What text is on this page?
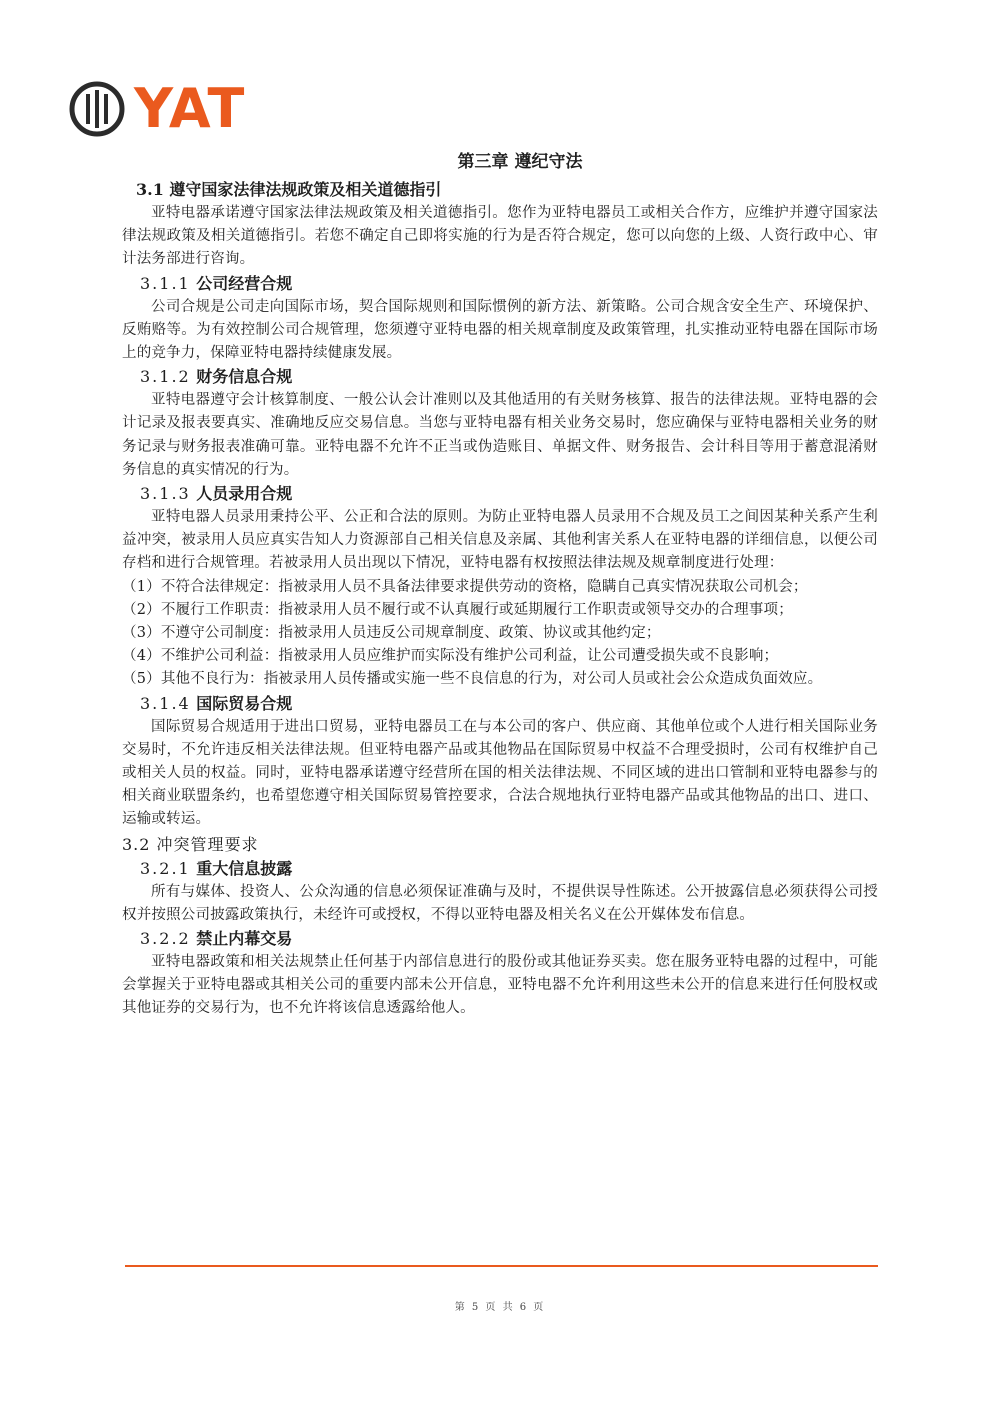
YAT
第三章 遵纪守法
3.1 遵守国家法律法规政策及相关道德指引
亚特电器承诺遵守国家法律法规政策及相关道德指引。您作为亚特电器员工或相关合作方，应维护并遵守国家法律法规政策及相关道德指引。若您不确定自己即将实施的行为是否符合规定，您可以向您的上级、人资行政中心、审计法务部进行咨询。
3.1.1 公司经营合规
公司合规是公司走向国际市场，契合国际规则和国际惯例的新方法、新策略。公司合规含安全生产、环境保护、反贿赂等。为有效控制公司合规管理，您须遵守亚特电器的相关规章制度及政策管理，扎实推动亚特电器在国际市场上的竞争力，保障亚特电器持续健康发展。
3.1.2 财务信息合规
亚特电器遵守会计核算制度、一般公认会计准则以及其他适用的有关财务核算、报告的法律法规。亚特电器的会计记录及报表要真实、准确地反应交易信息。当您与亚特电器有相关业务交易时，您应确保与亚特电器相关业务的财务记录与财务报表准确可靠。亚特电器不允许不正当或伪造账目、单据文件、财务报告、会计科目等用于蓄意混淆财务信息的真实情况的行为。
3.1.3 人员录用合规
亚特电器人员录用秉持公平、公正和合法的原则。为防止亚特电器人员录用不合规及员工之间因某种关系产生利益冲突，被录用人员应真实告知人力资源部自己相关信息及亲属、其他利害关系人在亚特电器的详细信息，以便公司存档和进行合规管理。若被录用人员出现以下情况，亚特电器有权按照法律法规及规章制度进行处理：
（1）不符合法律规定：指被录用人员不具备法律要求提供劳动的资格，隐瞒自己真实情况获取公司机会；
（2）不履行工作职责：指被录用人员不履行或不认真履行或延期履行工作职责或领导交办的合理事项；
（3）不遵守公司制度：指被录用人员违反公司规章制度、政策、协议或其他约定；
（4）不维护公司利益：指被录用人员应维护而实际没有维护公司利益，让公司遭受损失或不良影响；
（5）其他不良行为：指被录用人员传播或实施一些不良信息的行为，对公司人员或社会公众造成负面效应。
3.1.4 国际贸易合规
国际贸易合规适用于进出口贸易，亚特电器员工在与本公司的客户、供应商、其他单位或个人进行相关国际业务交易时，不允许违反相关法律法规。但亚特电器产品或其他物品在国际贸易中权益不合理受损时，公司有权维护自己或相关人员的权益。同时，亚特电器承诺遵守经营所在国的相关法律法规、不同区域的进出口管制和亚特电器参与的相关商业联盟条约，也希望您遵守相关国际贸易管控要求，合法合规地执行亚特电器产品或其他物品的出口、进口、运输或转运。
3.2 冲突管理要求
3.2.1 重大信息披露
所有与媒体、投资人、公众沟通的信息必须保证准确与及时，不提供误导性陈述。公开披露信息必须获得公司授权并按照公司披露政策执行，未经许可或授权，不得以亚特电器及相关名义在公开媒体发布信息。
3.2.2 禁止内幕交易
亚特电器政策和相关法规禁止任何基于内部信息进行的股份或其他证券买卖。您在服务亚特电器的过程中，可能会掌握关于亚特电器或其相关公司的重要内部未公开信息，亚特电器不允许利用这些未公开的信息来进行任何股权或其他证券的交易行为，也不允许将该信息透露给他人。
第 5 页 共 6 页
